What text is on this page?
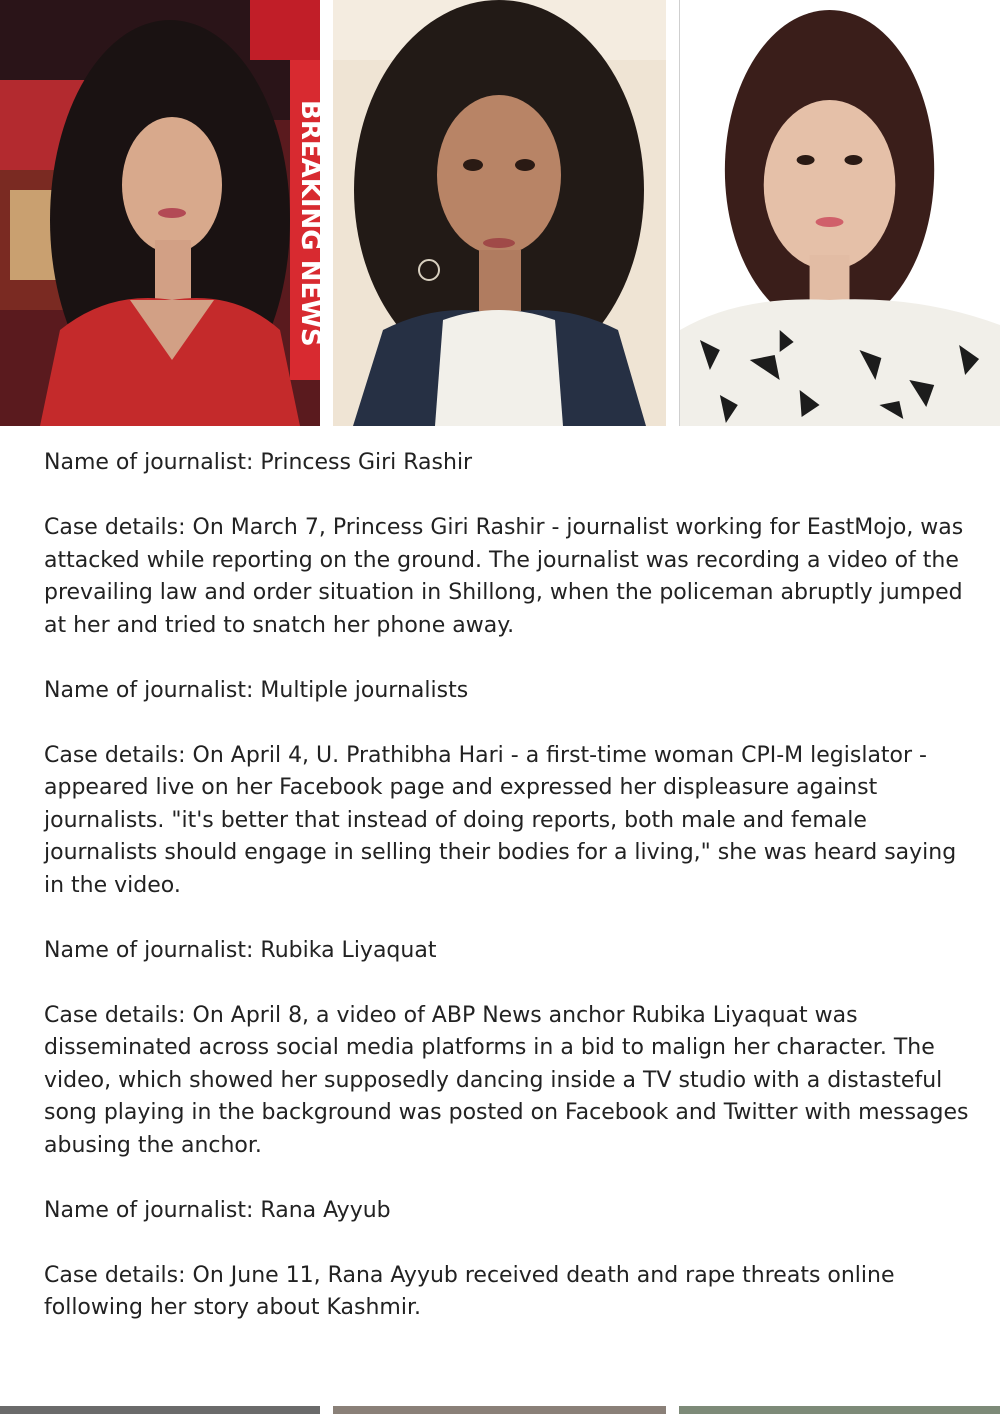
BREAKING NEWS

Name of journalist: Princess Giri Rashir

Case details: On March 7, Princess Giri Rashir - journalist working for EastMojo, was attacked while reporting on the ground. The journalist was recording a video of the prevailing law and order situation in Shillong, when the policeman abruptly jumped at her and tried to snatch her phone away.

Name of journalist: Multiple journalists

Case details: On April 4, U. Prathibha Hari - a first-time woman CPI-M legislator - appeared live on her Facebook page and expressed her displeasure against journalists. "it's better that instead of doing reports, both male and female journalists should engage in selling their bodies for a living," she was heard saying in the video.

Name of journalist: Rubika Liyaquat

Case details: On April 8, a video of ABP News anchor Rubika Liyaquat was disseminated across social media platforms in a bid to malign her character. The video, which showed her supposedly dancing inside a TV studio with a distasteful song playing in the background was posted on Facebook and Twitter with messages abusing the anchor.

Name of journalist: Rana Ayyub

Case details: On June 11, Rana Ayyub received death and rape threats online following her story about Kashmir.
